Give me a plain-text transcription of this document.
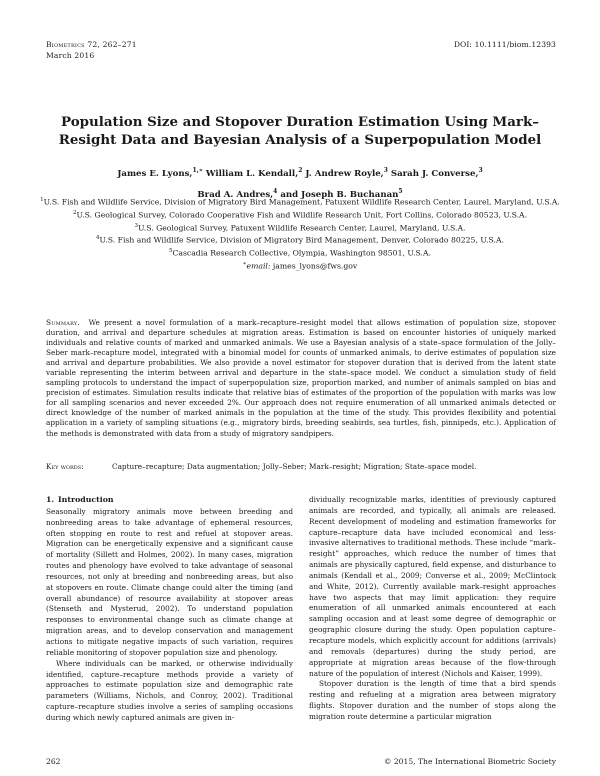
Biometrics 72, 262–271
March 2016
DOI: 10.1111/biom.12393
Population Size and Stopover Duration Estimation Using Mark–Resight Data and Bayesian Analysis of a Superpopulation Model
James E. Lyons,$^{1,∗}$ William L. Kendall,$^2$ J. Andrew Royle,$^3$ Sarah J. Converse,$^3$
Brad A. Andres,$^4$ and Joseph B. Buchanan$^5$
$^1$U.S. Fish and Wildlife Service, Division of Migratory Bird Management, Patuxent Wildlife Research Center, Laurel, Maryland, U.S.A.
$^2$U.S. Geological Survey, Colorado Cooperative Fish and Wildlife Research Unit, Fort Collins, Colorado 80523, U.S.A.
$^3$U.S. Geological Survey, Patuxent Wildlife Research Center, Laurel, Maryland, U.S.A.
$^4$U.S. Fish and Wildlife Service, Division of Migratory Bird Management, Denver, Colorado 80225, U.S.A.
$^5$Cascadia Research Collective, Olympia, Washington 98501, U.S.A.
∗email: james_lyons@fws.gov
Summary. We present a novel formulation of a mark–recapture–resight model that allows estimation of population size, stopover duration, and arrival and departure schedules at migration areas. Estimation is based on encounter histories of uniquely marked individuals and relative counts of marked and unmarked animals. We use a Bayesian analysis of a state–space formulation of the Jolly–Seber mark–recapture model, integrated with a binomial model for counts of unmarked animals, to derive estimates of population size and arrival and departure probabilities. We also provide a novel estimator for stopover duration that is derived from the latent state variable representing the interim between arrival and departure in the state–space model. We conduct a simulation study of field sampling protocols to understand the impact of superpopulation size, proportion marked, and number of animals sampled on bias and precision of estimates. Simulation results indicate that relative bias of estimates of the proportion of the population with marks was low for all sampling scenarios and never exceeded 2%. Our approach does not require enumeration of all unmarked animals detected or direct knowledge of the number of marked animals in the population at the time of the study. This provides flexibility and potential application in a variety of sampling situations (e.g., migratory birds, breeding seabirds, sea turtles, fish, pinnipeds, etc.). Application of the methods is demonstrated with data from a study of migratory sandpipers.
Key words:	Capture–recapture; Data augmentation; Jolly–Seber; Mark–resight; Migration; State–space model.
1. Introduction

Seasonally migratory animals move between breeding and nonbreeding areas to take advantage of ephemeral resources, often stopping en route to rest and refuel at stopover areas. Migration can be energetically expensive and a significant cause of mortality (Sillett and Holmes, 2002). In many cases, migration routes and phenology have evolved to take advantage of seasonal resources, not only at breeding and nonbreeding areas, but also at stopovers en route. Climate change could alter the timing (and overall abundance) of resource availability at stopover areas (Stenseth and Mysterud, 2002). To understand population responses to environmental change such as climate change at migration areas, and to develop conservation and management actions to mitigate negative impacts of such variation, requires reliable monitoring of stopover population size and phenology.

Where individuals can be marked, or otherwise individually identified, capture–recapture methods provide a variety of approaches to estimate population size and demographic rate parameters (Williams, Nichols, and Conroy, 2002). Traditional capture–recapture studies involve a series of sampling occasions during which newly captured animals are given in-

dividually recognizable marks, identities of previously captured animals are recorded, and typically, all animals are released. Recent development of modeling and estimation frameworks for capture–recapture data have included economical and less-invasive alternatives to traditional methods. These include “mark–resight” approaches, which reduce the number of times that animals are physically captured, field expense, and disturbance to animals (Kendall et al., 2009; Converse et al., 2009; McClintock and White, 2012). Currently available mark–resight approaches have two aspects that may limit application: they require enumeration of all unmarked animals encountered at each sampling occasion and at least some degree of demographic or geographic closure during the study. Open population capture–recapture models, which explicitly account for additions (arrivals) and removals (departures) during the study period, are appropriate at migration areas because of the flow-through nature of the population of interest (Nichols and Kaiser, 1999).

Stopover duration is the length of time that a bird spends resting and refueling at a migration area between migratory flights. Stopover duration and the number of stops along the migration route determine a particular migration

262	© 2015, The International Biometric Society
